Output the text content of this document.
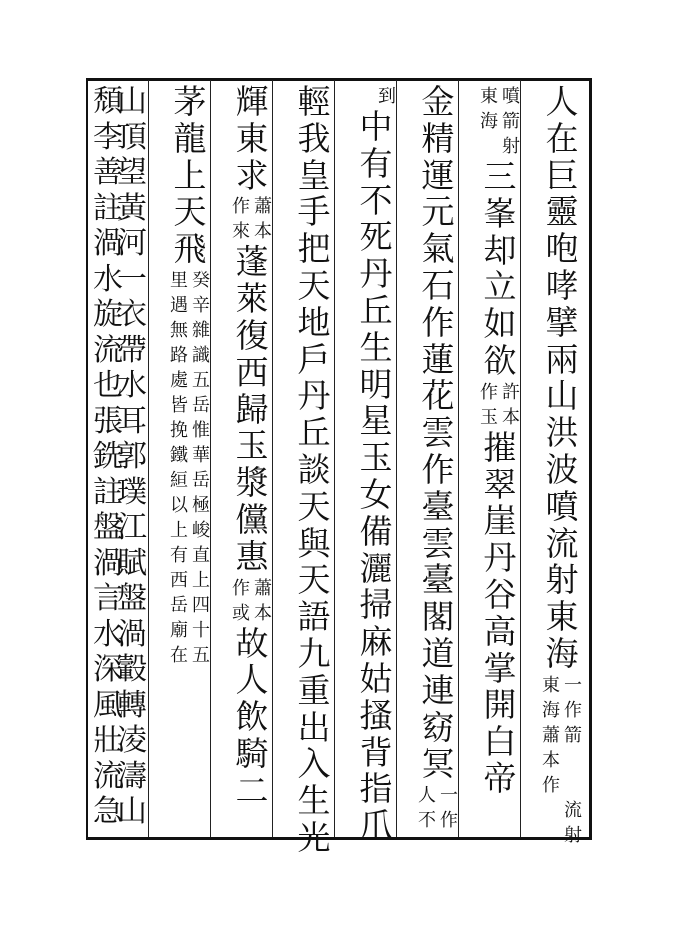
人
在
巨
靈
咆
哮
擘
兩
山
洪
波
噴
流
射
東
海
一
作
箭
東
海
蕭
本
作
流
射
噴
箭
射
東
海
三
峯
却
立
如
欲
許
本
作
玉
摧
翠
崖
丹
谷
高
掌
開
白
帝
金
精
運
元
氣
石
作
蓮
花
雲
作
臺
雲
臺
閣
道
連
窈
冥
一
作
人
不
到
中
有
不
死
丹
丘
生
明
星
玉
女
備
灑
掃
麻
姑
搔
背
指
爪
輕
我
皇
手
把
天
地
戶
丹
丘
談
天
與
天
語
九
重
出
入
生
光
輝
東
求
蕭
本
作
來
蓬
萊
復
西
歸
玉
漿
儻
惠
蕭
本
作
或
故
人
飲
騎
二
茅
龍
上
天
飛
癸
辛
雜
識
五
岳
惟
華
岳
極
峻
直
上
四
十
五
里
遇
無
路
處
皆
挽
鐵
絙
以
上
有
西
岳
廟
在
山
頂
望
黃
河
一
衣
帶
水
耳
郭
璞
江
賦
盤
渦
轂
轉
凌
濤
山
頹
李
善
註
渦
水
旋
流
也
張
銑
註
盤
渦
言
水
深
風
壯
流
急
